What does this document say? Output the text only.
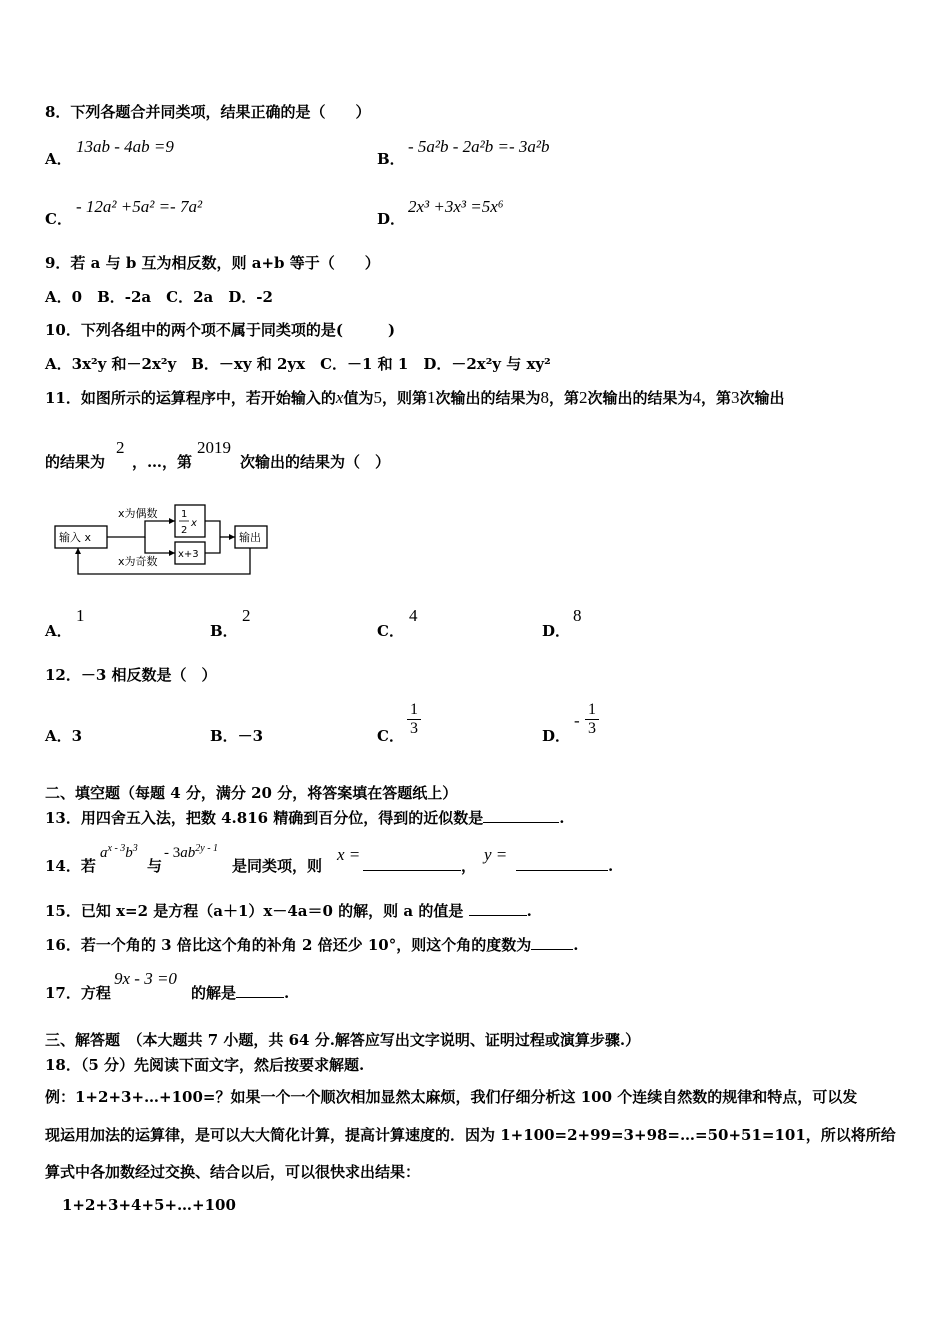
8．下列各题合并同类项，结果正确的是（　　）
A．
13ab - 4ab =9
B．
- 5a²b - 2a²b =- 3a²b
C．
- 12a² +5a² =- 7a²
D．
2x³ +3x³ =5x⁶
9．若 a 与 b 互为相反数，则 a+b 等于（　　）
A．0　B．-2a　C．2a　D．-2
10．下列各组中的两个项不属于同类项的是(　　　)
A．3x²y 和－2x²y　B．－xy 和 2yx　C．－1 和 1　D．－2x²y 与 xy²
11．如图所示的运算程序中，若开始输入的x值为5，则第1次输出的结果为8，第2次输出的结果为4，第3次输出
的结果为
2
，…，第
2019
次输出的结果为（　）
输入 x
x为偶数
x为奇数
1
2
x
x+3
输出
A．
1
B．
2
C．
4
D．
8
12．－3 相反数是（　）
A．3	B．－3	C．
1
3	D．
-
1
3
二、填空题（每题 4 分，满分 20 分，将答案填在答题纸上）
13．用四舍五入法，把数 4.816 精确到百分位，得到的近似数是	.
14．若
$a^{x - 3}b^3$
与
- $3ab^{2y - 1}$
是同类项，则
x =
，
y =
.
15．已知 x=2 是方程（a＋1）x－4a＝0 的解，则 a 的值是	.
16．若一个角的 3 倍比这个角的补角 2 倍还少 10°，则这个角的度数为	.
17．方程
9x - 3 =0
的解是	.
三、解答题　（本大题共 7 小题，共 64 分.解答应写出文字说明、证明过程或演算步骤.）
18．（5 分）先阅读下面文字，然后按要求解题.
例：1+2+3+…+100=？如果一个一个顺次相加显然太麻烦，我们仔细分析这 100 个连续自然数的规律和特点，可以发
现运用加法的运算律，是可以大大简化计算，提高计算速度的．因为 1+100=2+99=3+98=…=50+51=101，所以将所给
算式中各加数经过交换、结合以后，可以很快求出结果：
1+2+3+4+5+…+100
